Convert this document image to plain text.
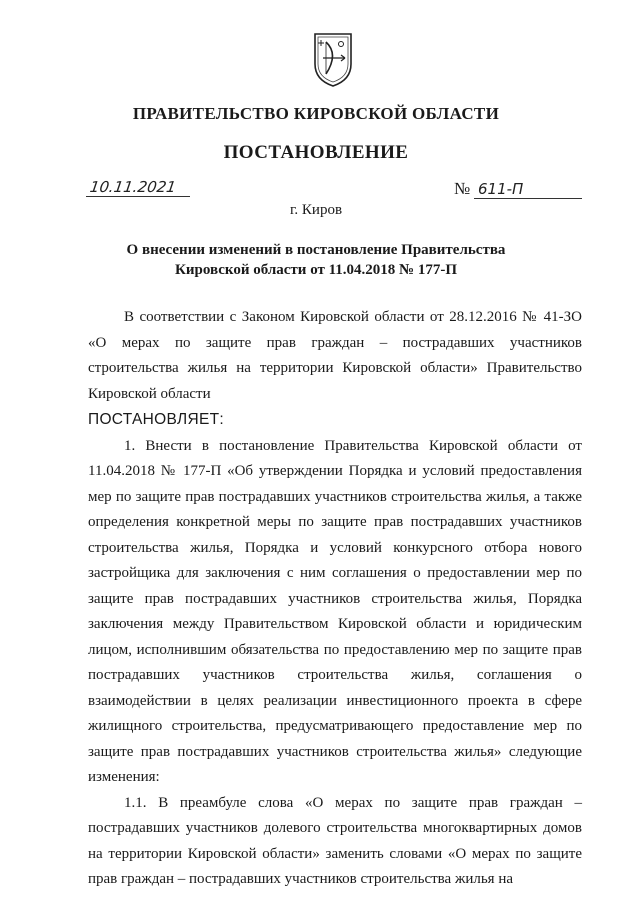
ПРАВИТЕЛЬСТВО КИРОВСКОЙ ОБЛАСТИ
ПОСТАНОВЛЕНИЕ
10.11.2021	№ 611-П
г. Киров
О внесении изменений в постановление Правительства
Кировской области от 11.04.2018 № 177-П

В соответствии с Законом Кировской области от 28.12.2016 № 41-ЗО «О мерах по защите прав граждан – пострадавших участников строительства жилья на территории Кировской области» Правительство Кировской области

ПОСТАНОВЛЯЕТ:

1. Внести в постановление Правительства Кировской области от 11.04.2018 № 177-П «Об утверждении Порядка и условий предоставления мер по защите прав пострадавших участников строительства жилья, а также определения конкретной меры по защите прав пострадавших участников строительства жилья, Порядка и условий конкурсного отбора нового застройщика для заключения с ним соглашения о предоставлении мер по защите прав пострадавших участников строительства жилья, Порядка заключения между Правительством Кировской области и юридическим лицом, исполнившим обязательства по предоставлению мер по защите прав пострадавших участников строительства жилья, соглашения о взаимодействии в целях реализации инвестиционного проекта в сфере жилищного строительства, предусматривающего предоставление мер по защите прав пострадавших участников строительства жилья» следующие изменения:

1.1. В преамбуле слова «О мерах по защите прав граждан – пострадавших участников долевого строительства многоквартирных домов на территории Кировской области» заменить словами «О мерах по защите прав граждан – пострадавших участников строительства жилья на
